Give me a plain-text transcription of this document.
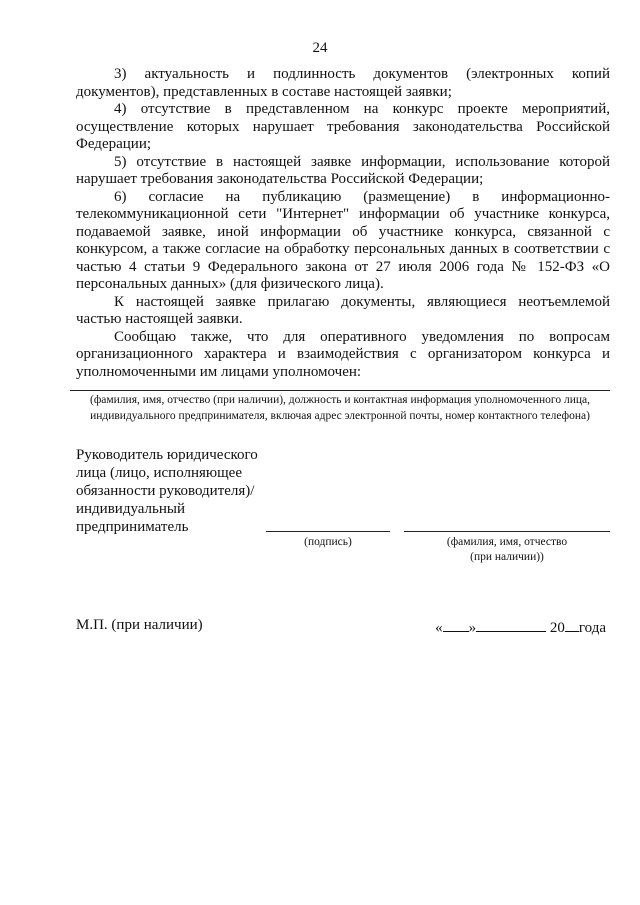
24

3) актуальность и подлинность документов (электронных копий документов), представленных в составе настоящей заявки;

4) отсутствие в представленном на конкурс проекте мероприятий, осуществление которых нарушает требования законодательства Российской Федерации;

5) отсутствие в настоящей заявке информации, использование которой нарушает требования законодательства Российской Федерации;

6) согласие на публикацию (размещение) в информационно-телекоммуникационной сети "Интернет" информации об участнике конкурса, подаваемой заявке, иной информации об участнике конкурса, связанной с конкурсом, а также согласие на обработку персональных данных в соответствии с частью 4 статьи 9 Федерального закона от 27 июля 2006 года № 152-ФЗ «О персональных данных» (для физического лица).

К настоящей заявке прилагаю документы, являющиеся неотъемлемой частью настоящей заявки.

Сообщаю также, что для оперативного уведомления по вопросам организационного характера и взаимодействия с организатором конкурса и уполномоченными им лицами уполномочен:

(фамилия, имя, отчество (при наличии), должность и контактная информация уполномоченного лица, индивидуального предпринимателя, включая адрес электронной почты, номер контактного телефона)
Руководитель юридического лица (лицо, исполняющее обязанности руководителя)/ индивидуальный предприниматель
(подпись)	(фамилия, имя, отчество
(при наличии))
М.П. (при наличии)	« »	20 года
